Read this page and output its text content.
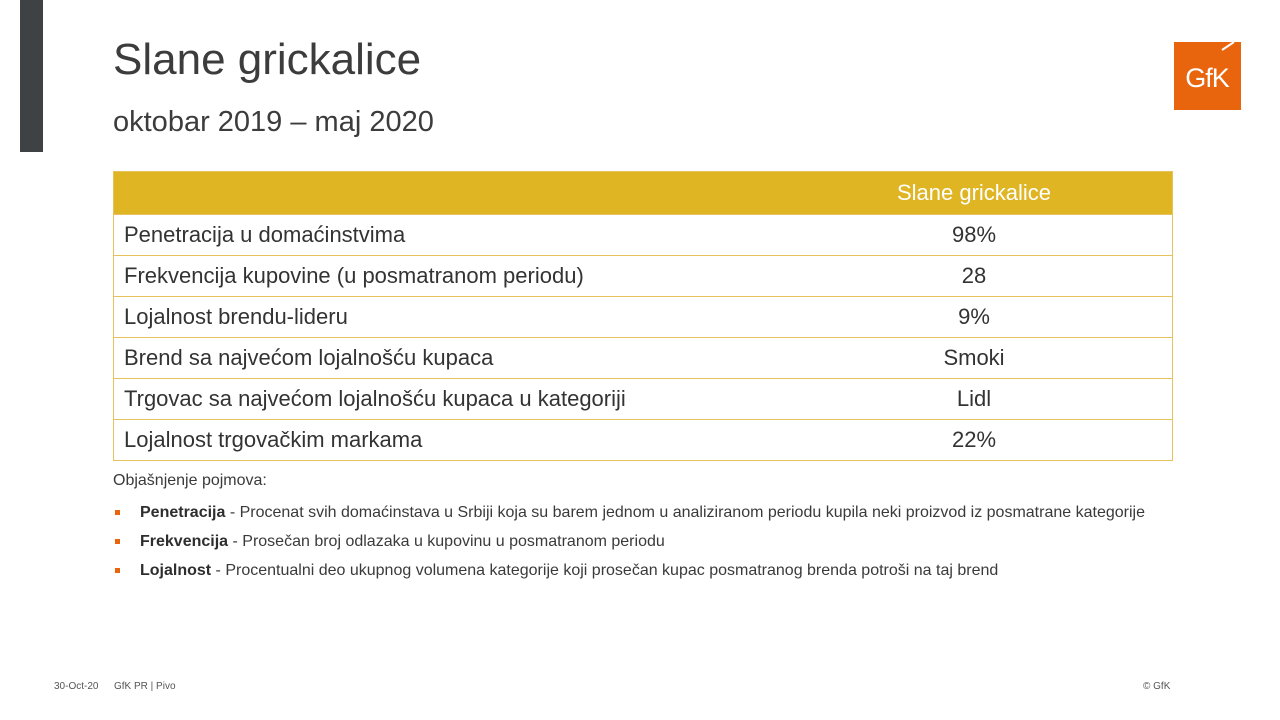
Slane grickalice
oktobar 2019 – maj 2020
GfK
Slane grickalice
Penetracija u domaćinstvima	98%
Frekvencija kupovine (u posmatranom periodu)	28
Lojalnost brendu-lideru	9%
Brend sa najvećom lojalnošću kupaca	Smoki
Trgovac sa najvećom lojalnošću kupaca u kategoriji	Lidl
Lojalnost trgovačkim markama	22%
Objašnjenje pojmova:
Penetracija - Procenat svih domaćinstava u Srbiji koja su barem jednom u analiziranom periodu kupila neki proizvod iz posmatrane kategorije
Frekvencija - Prosečan broj odlazaka u kupovinu u posmatranom periodu
Lojalnost - Procentualni deo ukupnog volumena kategorije koji prosečan kupac posmatranog brenda potroši na taj brend
30-Oct-20 GfK PR | Pivo	© GfK
